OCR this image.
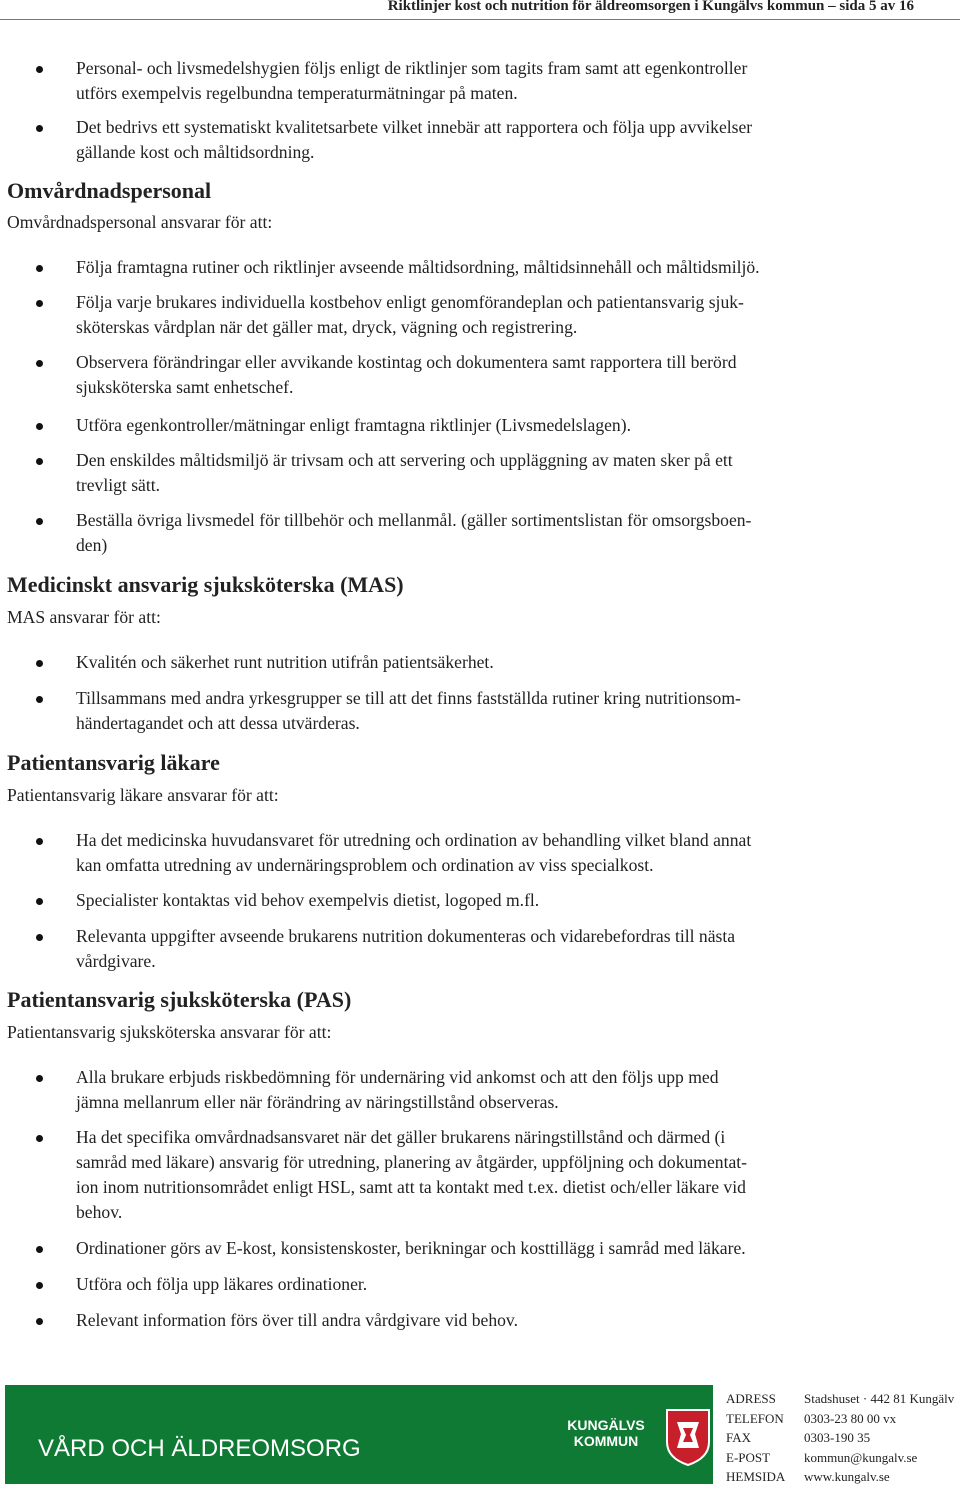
Riktlinjer kost och nutrition för äldreomsorgen i Kungälvs kommun – sida 5 av 16
Personal- och livsmedelshygien följs enligt de riktlinjer som tagits fram samt att egenkontroller
utförs exempelvis regelbundna temperaturmätningar på maten.
Det bedrivs ett systematiskt kvalitetsarbete vilket innebär att rapportera och följa upp avvikelser
gällande kost och måltidsordning.
Omvårdnadspersonal
Omvårdnadspersonal ansvarar för att:
Följa framtagna rutiner och riktlinjer avseende måltidsordning, måltidsinnehåll och måltidsmiljö.
Följa varje brukares individuella kostbehov enligt genomförandeplan och patientansvarig sjuk-
sköterskas vårdplan när det gäller mat, dryck, vägning och registrering.
Observera förändringar eller avvikande kostintag och dokumentera samt rapportera till berörd
sjuksköterska samt enhetschef.
Utföra egenkontroller/mätningar enligt framtagna riktlinjer (Livsmedelslagen).
Den enskildes måltidsmiljö är trivsam och att servering och uppläggning av maten sker på ett
trevligt sätt.
Beställa övriga livsmedel för tillbehör och mellanmål. (gäller sortimentslistan för omsorgsboen-
den)
Medicinskt ansvarig sjuksköterska (MAS)
MAS ansvarar för att:
Kvalitén och säkerhet runt nutrition utifrån patientsäkerhet.
Tillsammans med andra yrkesgrupper se till att det finns fastställda rutiner kring nutritionsom-
händertagandet och att dessa utvärderas.
Patientansvarig läkare
Patientansvarig läkare ansvarar för att:
Ha det medicinska huvudansvaret för utredning och ordination av behandling vilket bland annat
kan omfatta utredning av undernäringsproblem och ordination av viss specialkost.
Specialister kontaktas vid behov exempelvis dietist, logoped m.fl.
Relevanta uppgifter avseende brukarens nutrition dokumenteras och vidarebefordras till nästa
vårdgivare.
Patientansvarig sjuksköterska (PAS)
Patientansvarig sjuksköterska ansvarar för att:
Alla brukare erbjuds riskbedömning för undernäring vid ankomst och att den följs upp med
jämna mellanrum eller när förändring av näringstillstånd observeras.
Ha det specifika omvårdnadsansvaret när det gäller brukarens näringstillstånd och därmed (i
samråd med läkare) ansvarig för utredning, planering av åtgärder, uppföljning och dokumentat-
ion inom nutritionsområdet enligt HSL, samt att ta kontakt med t.ex. dietist och/eller läkare vid
behov.
Ordinationer görs av E-kost, konsistenskoster, berikningar och kosttillägg i samråd med läkare.
Utföra och följa upp läkares ordinationer.
Relevant information förs över till andra vårdgivare vid behov.
VÅRD OCH ÄLDREOMSORG
KUNGÄLVS
KOMMUN
ADRESS
TELEFON
FAX
E-POST
HEMSIDA
Stadshuset · 442 81 Kungälv
0303-23 80 00 vx
0303-190 35
kommun@kungalv.se
www.kungalv.se
